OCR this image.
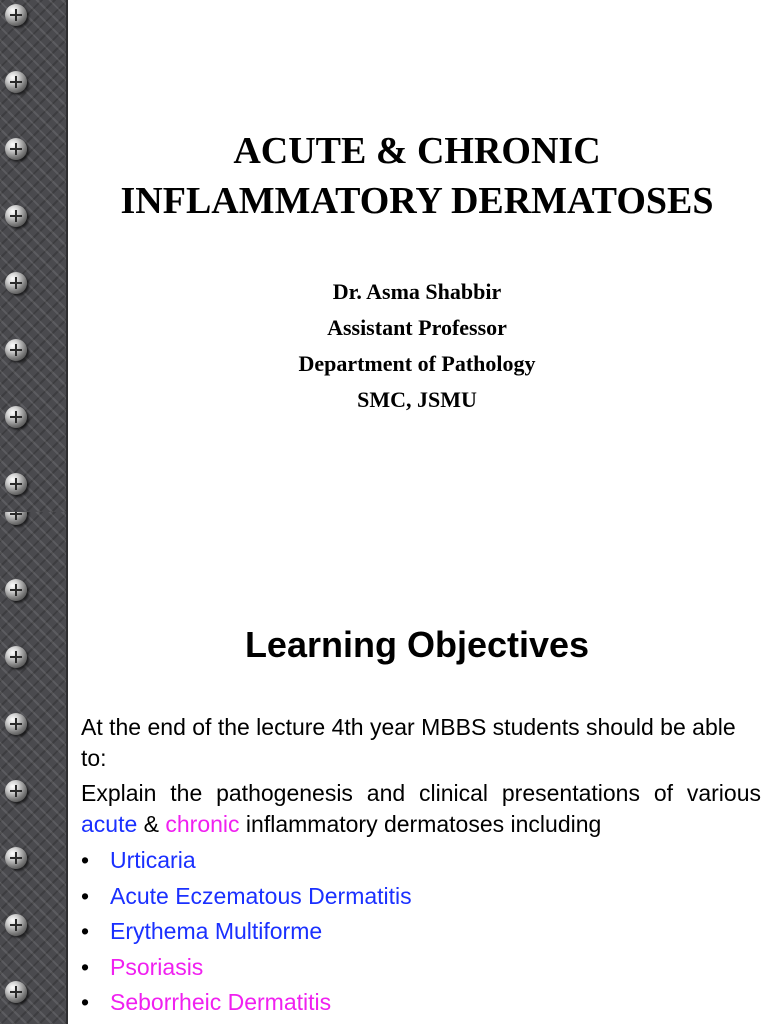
ACUTE & CHRONIC
INFLAMMATORY DERMATOSES
Dr. Asma Shabbir
Assistant Professor
Department of Pathology
SMC, JSMU
Learning Objectives
At the end of the lecture 4th year MBBS students should be able to:
Explain the pathogenesis and clinical presentations of various acute & chronic inflammatory dermatoses including
• Urticaria
• Acute Eczematous Dermatitis
• Erythema Multiforme
• Psoriasis
• Seborrheic Dermatitis
